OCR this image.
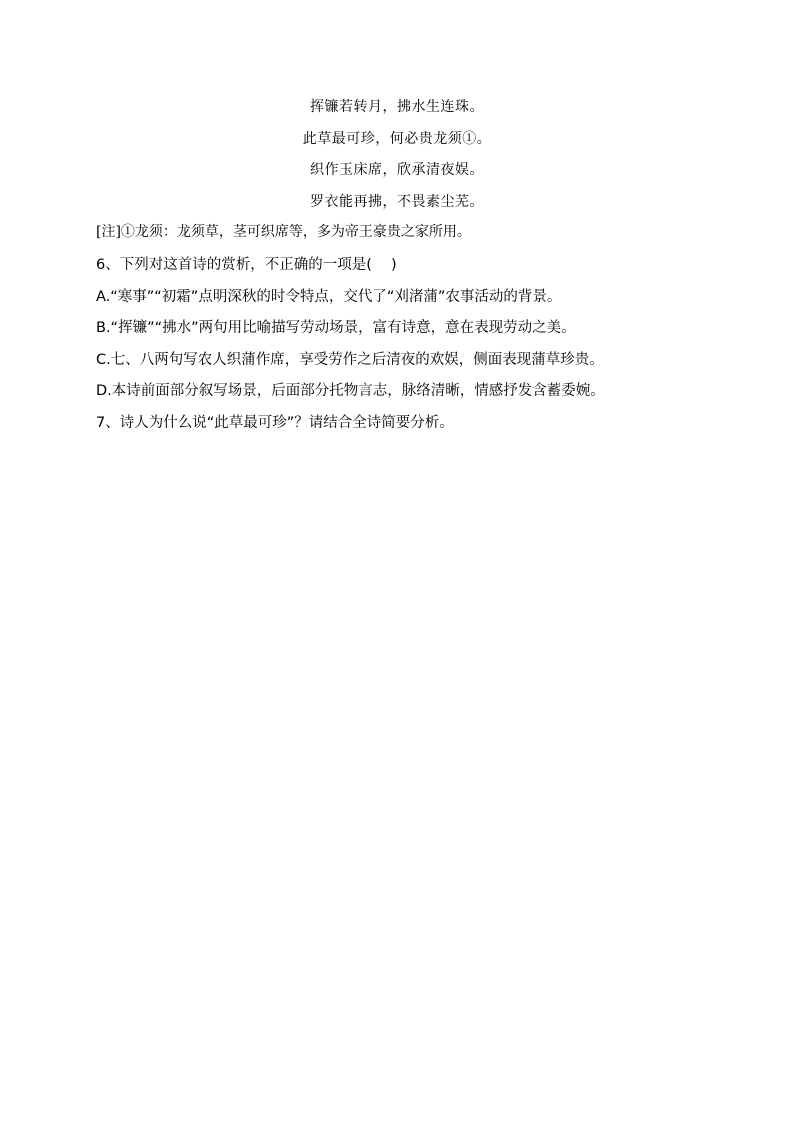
挥镰若转月，拂水生连珠。
此草最可珍，何必贵龙须①。
织作玉床席，欣承清夜娱。
罗衣能再拂，不畏素尘芜。
[注]①龙须：龙须草，茎可织席等，多为帝王豪贵之家所用。
6、下列对这首诗的赏析，不正确的一项是(　 )
A.“寒事”“初霜”点明深秋的时令特点，交代了“刈渚蒲”农事活动的背景。
B.“挥镰”“拂水”两句用比喻描写劳动场景，富有诗意，意在表现劳动之美。
C.七、八两句写农人织蒲作席，享受劳作之后清夜的欢娱，侧面表现蒲草珍贵。
D.本诗前面部分叙写场景，后面部分托物言志，脉络清晰，情感抒发含蓄委婉。
7、诗人为什么说“此草最可珍”？请结合全诗简要分析。
